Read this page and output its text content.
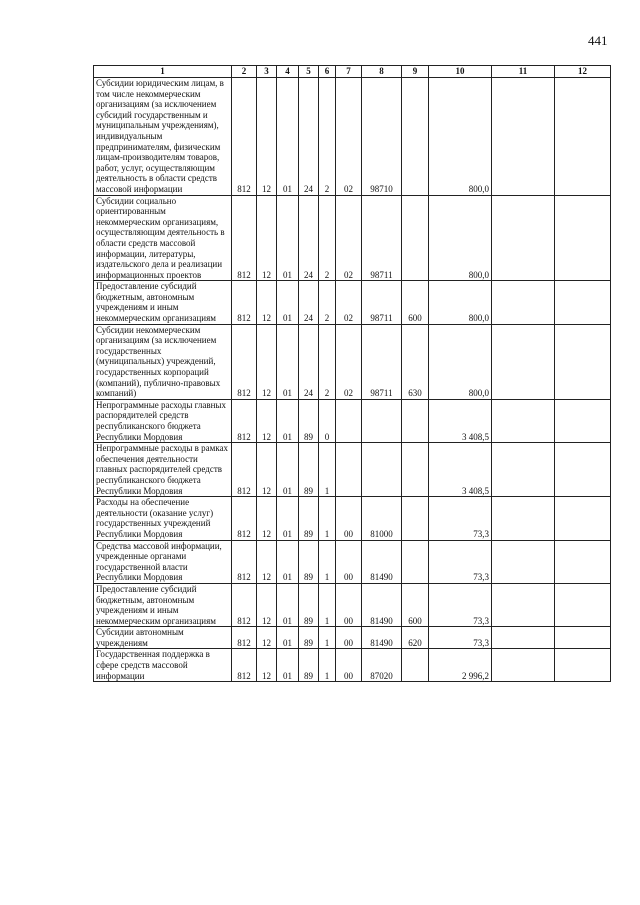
441
1	2	3	4	5	6	7	8	9	10	11	12
Субсидии юридическим лицам, в том числе некоммерческим организациям (за исключением субсидий государственным и муниципальным учреждениям), индивидуальным предпринимателям, физическим лицам-производителям товаров, работ, услуг, осуществляющим деятельность в области средств массовой информации	812	12	01	24	2	02	98710		800,0		
Субсидии социально ориентированным некоммерческим организациям, осуществляющим деятельность в области средств массовой информации, литературы, издательского дела и реализации информационных проектов	812	12	01	24	2	02	98711		800,0		
Предоставление субсидий бюджетным, автономным учреждениям и иным некоммерческим организациям	812	12	01	24	2	02	98711	600	800,0		
Субсидии некоммерческим организациям (за исключением государственных (муниципальных) учреждений, государственных корпораций (компаний), публично-правовых компаний)	812	12	01	24	2	02	98711	630	800,0		
Непрограммные расходы главных распорядителей средств республиканского бюджета Республики Мордовия	812	12	01	89	0				3 408,5		
Непрограммные расходы в рамках обеспечения деятельности главных распорядителей средств республиканского бюджета Республики Мордовия	812	12	01	89	1				3 408,5		
Расходы на обеспечение деятельности (оказание услуг) государственных учреждений Республики Мордовия	812	12	01	89	1	00	81000		73,3		
Средства массовой информации, учрежденные органами государственной власти Республики Мордовия	812	12	01	89	1	00	81490		73,3		
Предоставление субсидий бюджетным, автономным учреждениям и иным некоммерческим организациям	812	12	01	89	1	00	81490	600	73,3		
Субсидии автономным учреждениям	812	12	01	89	1	00	81490	620	73,3		
Государственная поддержка в сфере средств массовой информации	812	12	01	89	1	00	87020		2 996,2		
